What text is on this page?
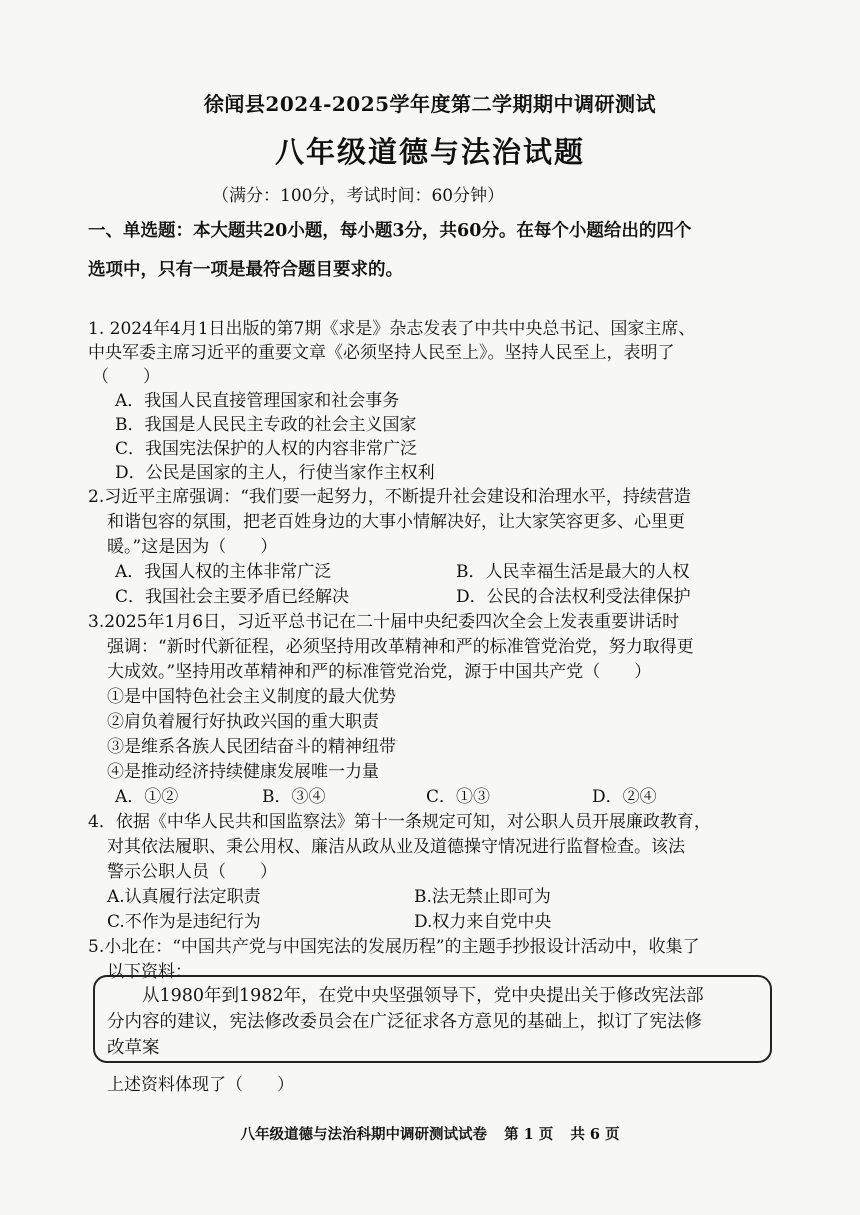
徐闻县2024-2025学年度第二学期期中调研测试
八年级道德与法治试题
（满分：100分，考试时间：60分钟）
一、单选题：本大题共20小题，每小题3分，共60分。在每个小题给出的四个
选项中，只有一项是最符合题目要求的。
1. 2024年4月1日出版的第7期《求是》杂志发表了中共中央总书记、国家主席、
中央军委主席习近平的重要文章《必须坚持人民至上》。坚持人民至上，表明了
（　　）
A．我国人民直接管理国家和社会事务
B．我国是人民民主专政的社会主义国家
C．我国宪法保护的人权的内容非常广泛
D．公民是国家的主人，行使当家作主权利
2.习近平主席强调：“我们要一起努力，不断提升社会建设和治理水平，持续营造
和谐包容的氛围，把老百姓身边的大事小情解决好，让大家笑容更多、心里更
暖。”这是因为（　　）
A．我国人权的主体非常广泛	B．人民幸福生活是最大的人权
C．我国社会主要矛盾已经解决	D．公民的合法权利受法律保护
3.2025年1月6日，习近平总书记在二十届中央纪委四次全会上发表重要讲话时
强调：“新时代新征程，必须坚持用改革精神和严的标准管党治党，努力取得更
大成效。”坚持用改革精神和严的标准管党治党，源于中国共产党（　　）
①是中国特色社会主义制度的最大优势
②肩负着履行好执政兴国的重大职责
③是维系各族人民团结奋斗的精神纽带
④是推动经济持续健康发展唯一力量
A．①②	B．③④	C．①③	D．②④
4．依据《中华人民共和国监察法》第十一条规定可知，对公职人员开展廉政教育，
对其依法履职、秉公用权、廉洁从政从业及道德操守情况进行监督检查。该法
警示公职人员（　　）
A.认真履行法定职责	B.法无禁止即可为
C.不作为是违纪行为	D.权力来自党中央
5.小北在：“中国共产党与中国宪法的发展历程”的主题手抄报设计活动中，收集了
以下资料：
　　从1980年到1982年，在党中央坚强领导下，党中央提出关于修改宪法部
分内容的建议，宪法修改委员会在广泛征求各方意见的基础上，拟订了宪法修
改草案
上述资料体现了（　　）
八年级道德与法治科期中调研测试试卷 第 1 页 共 6 页
